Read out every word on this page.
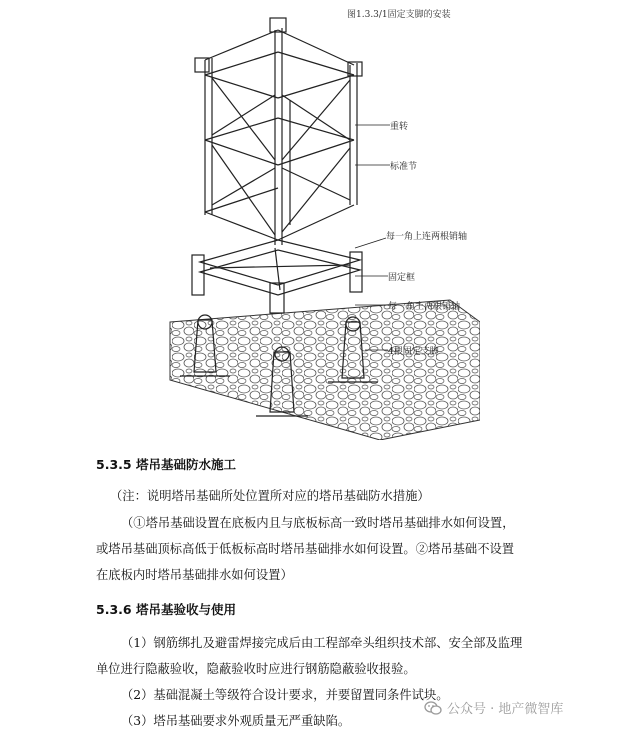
图1.3.3/1固定支脚的安装
重转
标准节
每一角上连两根销轴
固定框
每一角上两根销轴
4根固定支脚
5.3.5 塔吊基础防水施工
（注：说明塔吊基础所处位置所对应的塔吊基础防水措施）
（①塔吊基础设置在底板内且与底板标高一致时塔吊基础排水如何设置，
或塔吊基础顶标高低于低板标高时塔吊基础排水如何设置。②塔吊基础不设置
在底板内时塔吊基础排水如何设置）
5.3.6 塔吊基验收与使用
（1）钢筋绑扎及避雷焊接完成后由工程部牵头组织技术部、安全部及监理
单位进行隐蔽验收，隐蔽验收时应进行钢筋隐蔽验收报验。
（2）基础混凝土等级符合设计要求，并要留置同条件试块。
（3）塔吊基础要求外观质量无严重缺陷。
公众号 · 地产微智库
